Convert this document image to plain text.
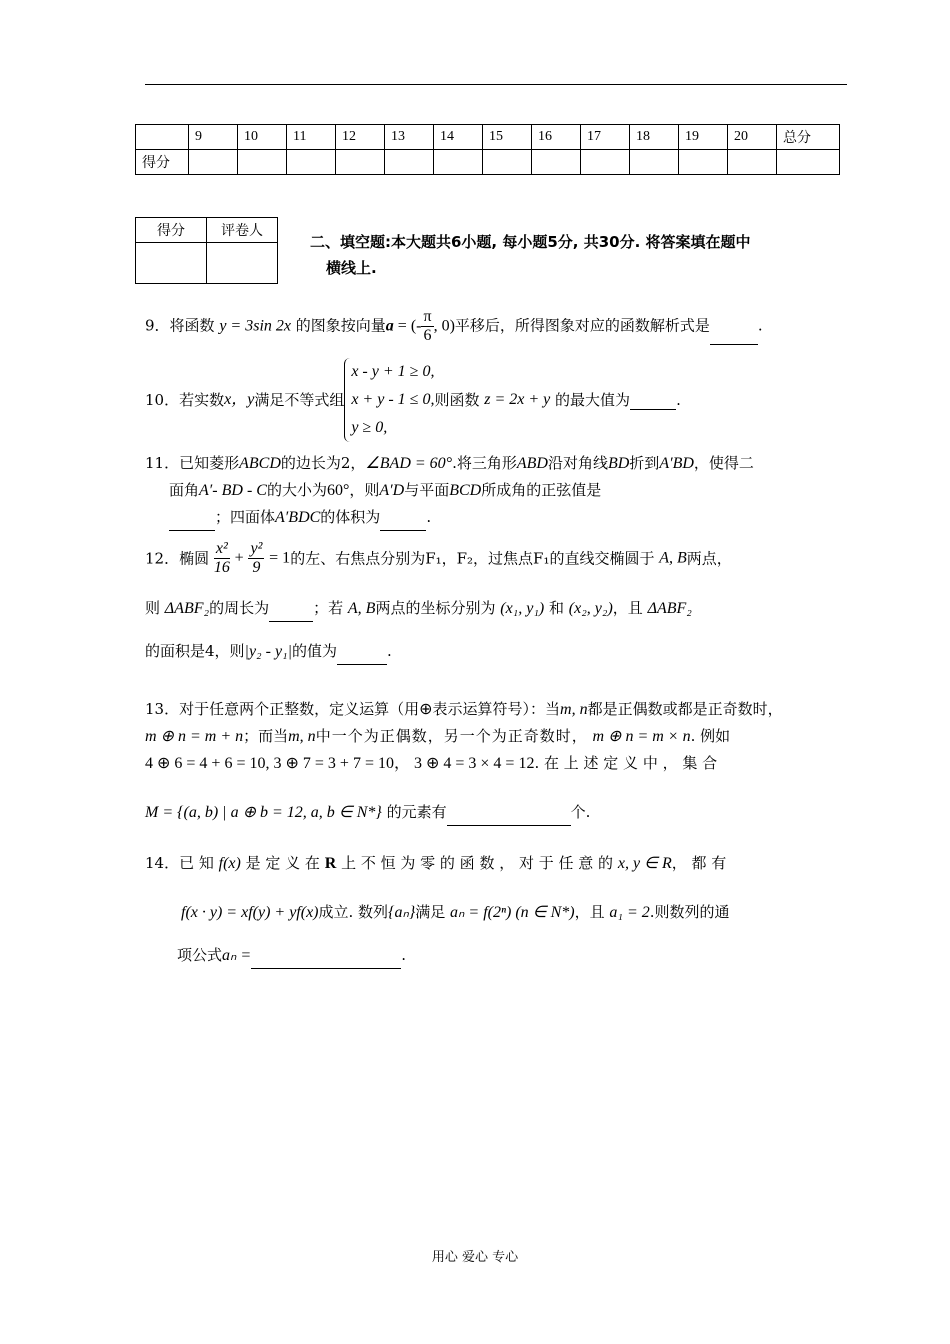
	9	10	11	12	13	14	15	16	17	18	19	20	总分
得分													
得分	评卷人

二、填空题:本大题共6小题, 每小题5分, 共30分. 将答案填在题中
横线上.
9．将函数 y = 3sin 2x 的图象按向量a = (- $\frac{\pi}{6}$ , 0)平移后，所得图象对应的函数解析式是	.
10．若实数x，y满足不等式组
x - y + 1 ≥ 0,
x + y - 1 ≤ 0,
y ≥ 0,
则函数 z = 2x + y 的最大值为	.
11．已知菱形ABCD的边长为2，∠BAD = 60°.将三角形ABD沿对角线BD折到A′BD，使得二
面角A′- BD - C的大小为60°，则A′D与平面BCD所成角的正弦值是
；四面体A′BDC的体积为	.
12．椭圆 $\frac{\text{x²}}{16} + \frac{\text{y²}}{9} = 1$的左、右焦点分别为F₁，F₂，过焦点F₁的直线交椭圆于 A, B两点，
则 ΔABF₂的周长为	；若 A, B两点的坐标分别为 (x₁, y₁) 和 (x₂, y₂)，且 ΔABF₂
的面积是4，则|y₂ - y₁|的值为	.
13．对于任意两个正整数，定义运算（用⊕表示运算符号）：当m, n都是正偶数或都是正奇数时，
m ⊕ n = m + n；而当m, n中一个为正偶数，另一个为正奇数时， m ⊕ n = m × n. 例如
4 ⊕ 6 = 4 + 6 = 10, 3 ⊕ 7 = 3 + 7 = 10， 3 ⊕ 4 = 3 × 4 = 12. 在 上 述 定 义 中 ， 集 合
M = {(a, b) | a ⊕ b = 12, a, b ∈ N*} 的元素有	个.
14．已 知 f(x) 是 定 义 在 R 上 不 恒 为 零 的 函 数 ， 对 于 任 意 的 x, y ∈ R， 都 有
f(x · y) = xf(y) + yf(x)成立. 数列{aₙ}满足 aₙ = f(2ⁿ) (n ∈ N*)，且 a₁ = 2.则数列的通
项公式aₙ =	.
用心 爱心 专心
